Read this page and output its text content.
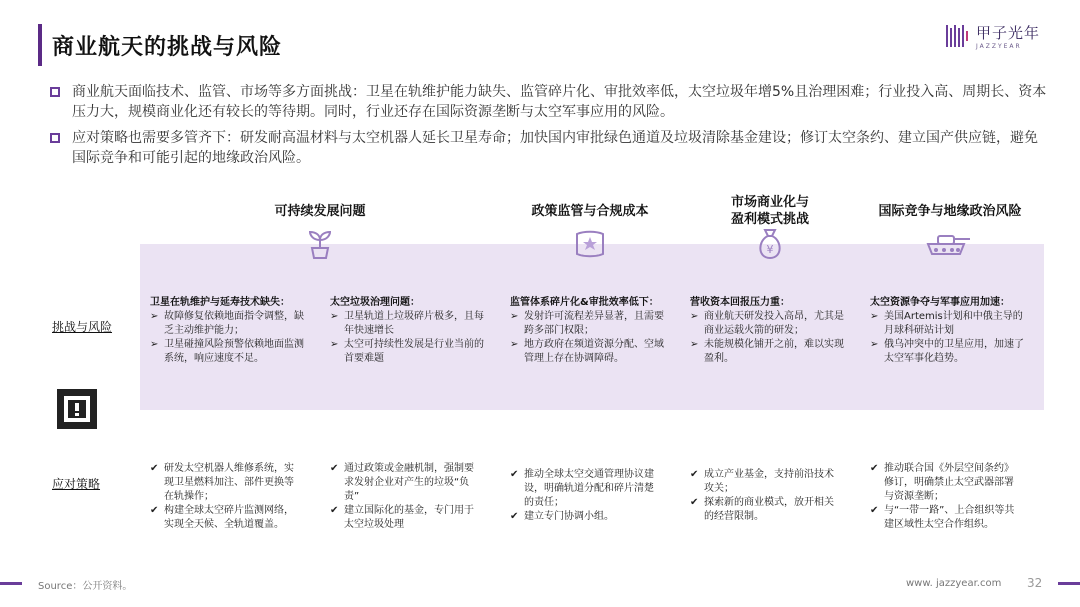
商业航天的挑战与风险
甲子光年
JAZZYEAR
商业航天面临技术、监管、市场等多方面挑战：卫星在轨维护能力缺失、监管碎片化、审批效率低，太空垃圾年增5%且治理困难；行业投入高、周期长、资本压力大，规模商业化还有较长的等待期。同时，行业还存在国际资源垄断与太空军事应用的风险。
应对策略也需要多管齐下：研发耐高温材料与太空机器人延长卫星寿命；加快国内审批绿色通道及垃圾清除基金建设；修订太空条约、建立国产供应链，避免国际竞争和可能引起的地缘政治风险。
可持续发展问题	政策监管与合规成本
市场商业化与
盈利模式挑战
国际竞争与地缘政治风险
¥
挑战与风险
应对策略
卫星在轨维护与延寿技术缺失：
➢ 故障修复依赖地面指令调整，缺乏主动维护能力；
➢ 卫星碰撞风险预警依赖地面监测系统，响应速度不足。
太空垃圾治理问题：
➢ 卫星轨道上垃圾碎片极多，且每年快速增长
➢ 太空可持续性发展是行业当前的首要难题
监管体系碎片化&审批效率低下：
➢ 发射许可流程差异显著，且需要跨多部门权限；
➢ 地方政府在频道资源分配、空域管理上存在协调障碍。
营收资本回报压力重：
➢ 商业航天研发投入高昂，尤其是商业运载火箭的研发；
➢ 未能规模化铺开之前，难以实现盈利。
太空资源争夺与军事应用加速：
➢ 美国Artemis计划和中俄主导的月球科研站计划
➢ 俄乌冲突中的卫星应用，加速了太空军事化趋势。
✔ 研发太空机器人维修系统，实现卫星燃料加注、部件更换等在轨操作；
✔ 构建全球太空碎片监测网络，实现全天候、全轨道覆盖。
✔ 通过政策或金融机制，强制要求发射企业对产生的垃圾“负责”
✔ 建立国际化的基金，专门用于太空垃圾处理
✔ 推动全球太空交通管理协议建设，明确轨道分配和碎片清楚的责任；
✔ 建立专门协调小组。
✔ 成立产业基金，支持前沿技术攻关；
✔ 探索新的商业模式，放开相关的经营限制。
✔ 推动联合国《外层空间条约》修订，明确禁止太空武器部署与资源垄断；
✔ 与“一带一路”、上合组织等共建区域性太空合作组织。
Source：公开资料。	www. jazzyear.com 32
